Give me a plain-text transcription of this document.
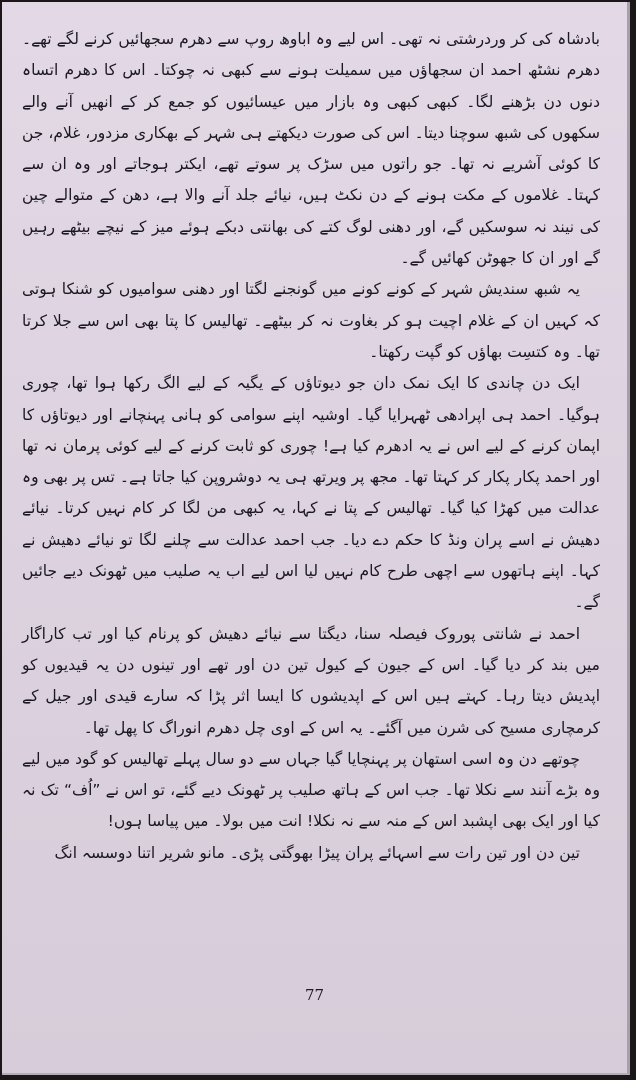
بادشاہ کی کر وردرشتی نہ تھی۔ اس لیے وہ اباوھ روپ سے دھرم سجھائیں کرنے لگے تھے۔ دھرم نشٹھ احمد ان سجھاؤں میں سمیلت ہونے سے کبھی نہ چوکتا۔ اس کا دھرم اتساہ دنوں دن بڑھنے لگا۔ کبھی کبھی وہ بازار میں عیسائیوں کو جمع کر کے انھیں آنے والے سکھوں کی شبھ سوچنا دیتا۔ اس کی صورت دیکھتے ہی شہر کے بھکاری مزدور، غلام، جن کا کوئی آشریے نہ تھا۔ جو راتوں میں سڑک پر سوتے تھے، ایکتر ہوجاتے اور وہ ان سے کہتا۔ غلاموں کے مکت ہونے کے دن نکٹ ہیں، نیائے جلد آنے والا ہے، دھن کے متوالے چین کی نیند نہ سوسکیں گے، اور دھنی لوگ کتے کی بھانتی دبکے ہوئے میز کے نیچے بیٹھے رہیں گے اور ان کا جھوٹن کھائیں گے۔

یہ شبھ سندیش شہر کے کونے کونے میں گونجنے لگتا اور دھنی سوامیوں کو شنکا ہوتی کہ کہیں ان کے غلام اچیت ہو کر بغاوت نہ کر بیٹھے۔ تھالیس کا پتا بھی اس سے جلا کرتا تھا۔ وہ کتسِت بھاؤں کو گپت رکھتا۔

ایک دن چاندی کا ایک نمک دان جو دیوتاؤں کے یگیہ کے لیے الگ رکھا ہوا تھا، چوری ہوگیا۔ احمد ہی اپرادھی ٹھہرایا گیا۔ اوشیہ اپنے سوامی کو ہانی پہنچانے اور دیوتاؤں کا اپمان کرنے کے لیے اس نے یہ ادھرم کیا ہے! چوری کو ثابت کرنے کے لیے کوئی پرمان نہ تھا اور احمد پکار پکار کر کہتا تھا۔ مجھ پر ویرتھ ہی یہ دوشروپن کیا جاتا ہے۔ تس پر بھی وہ عدالت میں کھڑا کیا گیا۔ تھالیس کے پتا نے کہا، یہ کبھی من لگا کر کام نہیں کرتا۔ نیائے دھیش نے اسے پران ونڈ کا حکم دے دیا۔ جب احمد عدالت سے چلنے لگا تو نیائے دھیش نے کہا۔ اپنے ہاتھوں سے اچھی طرح کام نہیں لیا اس لیے اب یہ صلیب میں ٹھونک دیے جائیں گے۔

احمد نے شانتی پوروک فیصلہ سنا، دیگتا سے نیائے دھیش کو پرنام کیا اور تب کاراگار میں بند کر دیا گیا۔ اس کے جیون کے کیول تین دن اور تھے اور تینوں دن یہ قیدیوں کو اپدیش دیتا رہا۔ کہتے ہیں اس کے اپدیشوں کا ایسا اثر پڑا کہ سارے قیدی اور جیل کے کرمچاری مسیح کی شرن میں آگئے۔ یہ اس کے اوی چل دھرم انوراگ کا پھل تھا۔

چوتھے دن وہ اسی استھان پر پہنچایا گیا جہاں سے دو سال پہلے تھالیس کو گود میں لیے وہ بڑے آنند سے نکلا تھا۔ جب اس کے ہاتھ صلیب پر ٹھونک دیے گئے، تو اس نے ”اُف“ تک نہ کیا اور ایک بھی اپشبد اس کے منہ سے نہ نکلا! انت میں بولا۔ میں پیاسا ہوں!

تین دن اور تین رات سے اسہائے پران پیڑا بھوگتی پڑی۔ مانو شریر اتنا دوسسہ انگ

77
